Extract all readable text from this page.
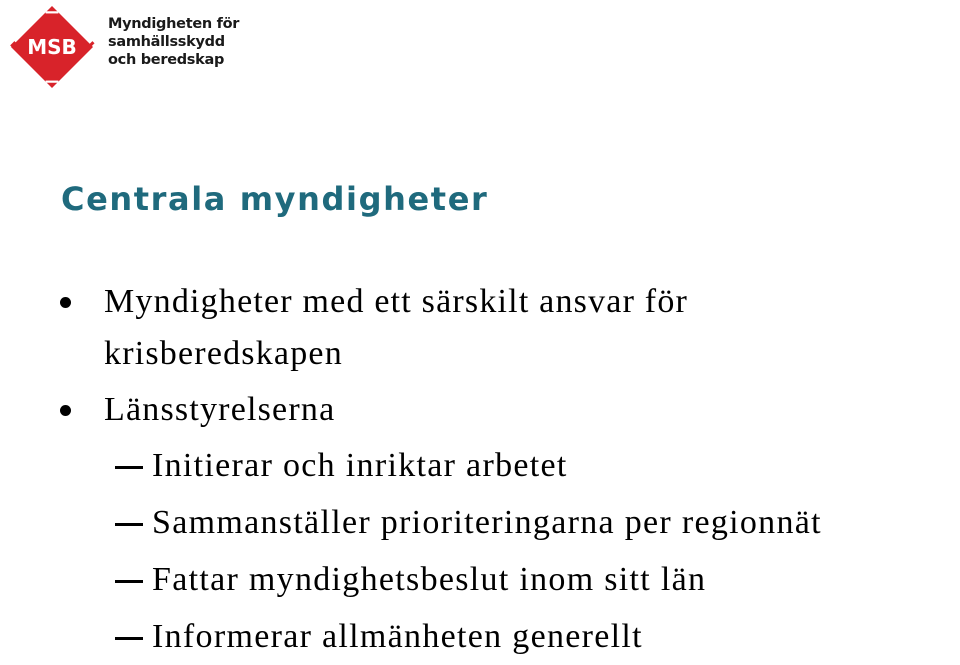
MSB
Myndigheten för
samhällsskydd
och beredskap
Centrala myndigheter
Myndigheter med ett särskilt ansvar för
krisberedskapen
Länsstyrelserna
Initierar och inriktar arbetet
Sammanställer prioriteringarna per regionnät
Fattar myndighetsbeslut inom sitt län
Informerar allmänheten generellt
